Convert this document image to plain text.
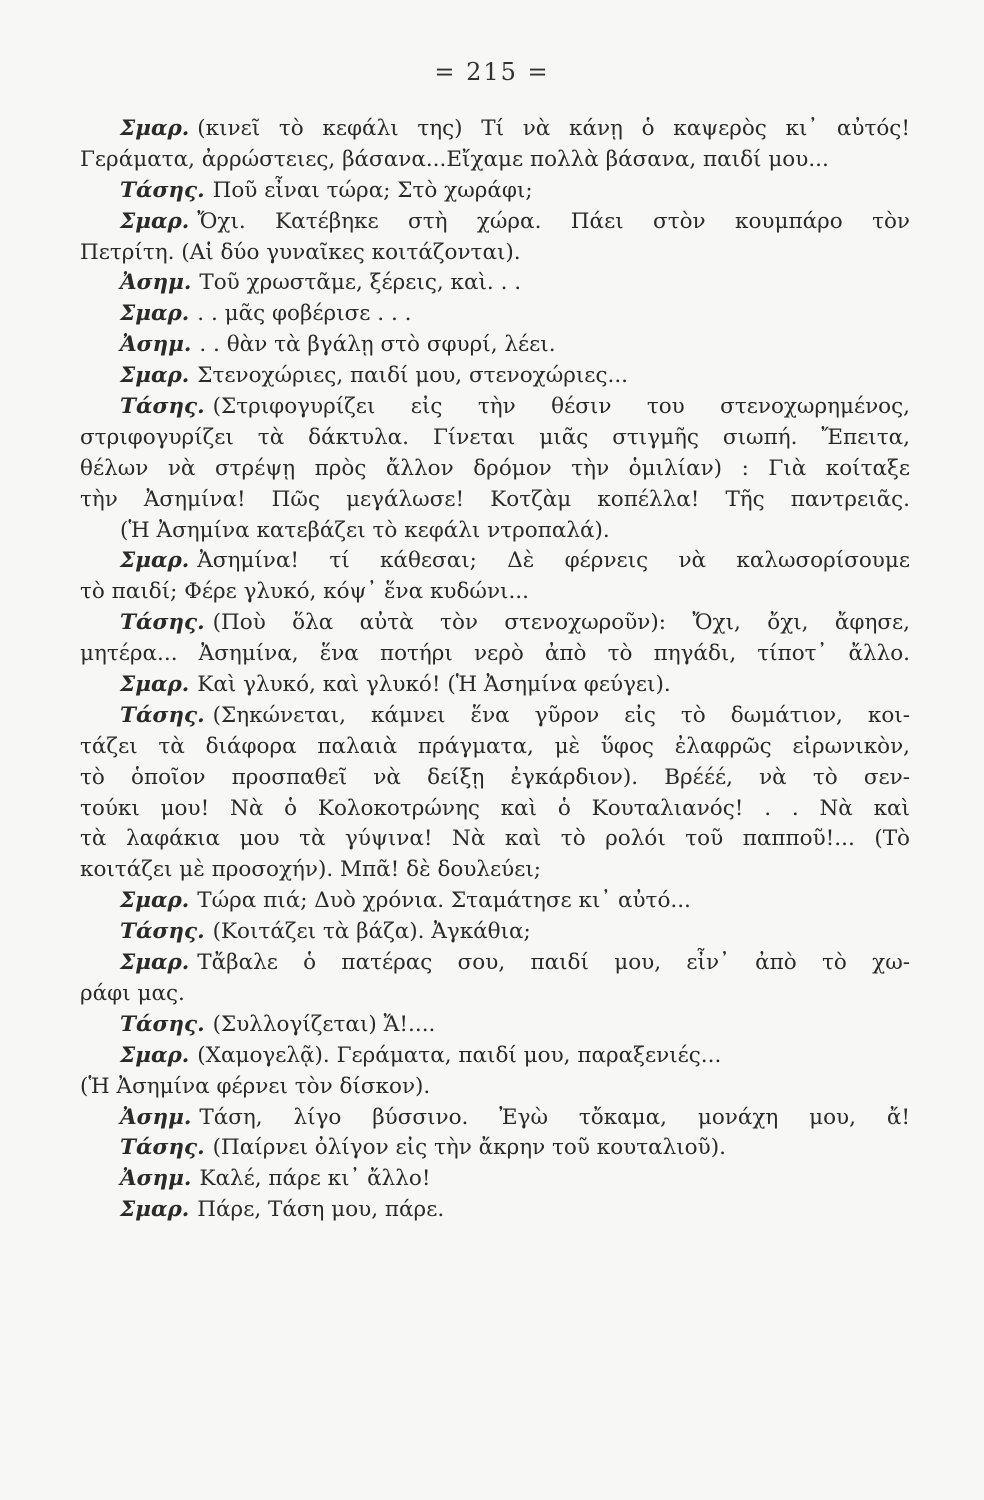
= 215 =
Σμαρ. (κινεῖ τὸ κεφάλι της) Τί νὰ κάνῃ ὁ καψερὸς κι᾿ αὐτός!
Γεράματα, ἀρρώστειες, βάσανα...Εἴχαμε πολλὰ βάσανα, παιδί μου...
Τάσης. Ποῦ εἶναι τώρα; Στὸ χωράφι;
Σμαρ. Ὄχι. Κατέβηκε στὴ χώρα. Πάει στὸν κουμπάρο τὸν
Πετρίτη. (Αἱ δύο γυναῖκες κοιτάζονται).
Ἀσημ. Τοῦ χρωστᾶμε, ξέρεις, καὶ. . .
Σμαρ. . . μᾶς φοβέρισε . . .
Ἀσημ. . . θὰν τὰ βγάλῃ στὸ σφυρί, λέει.
Σμαρ. Στενοχώριες, παιδί μου, στενοχώριες...
Τάσης. (Στριφογυρίζει εἰς τὴν θέσιν του στενοχωρημένος,
στριφογυρίζει τὰ δάκτυλα. Γίνεται μιᾶς στιγμῆς σιωπή. Ἔπειτα,
θέλων νὰ στρέψῃ πρὸς ἄλλον δρόμον τὴν ὁμιλίαν) : Γιὰ κοίταξε
τὴν Ἀσημίνα! Πῶς μεγάλωσε! Κοτζὰμ κοπέλλα! Τῆς παντρειᾶς.
(Ἡ Ἀσημίνα κατεβάζει τὸ κεφάλι ντροπαλά).
Σμαρ. Ἀσημίνα! τί κάθεσαι; Δὲ φέρνεις νὰ καλωσορίσουμε
τὸ παιδί; Φέρε γλυκό, κόψ᾿ ἕνα κυδώνι...
Τάσης. (Ποὺ ὅλα αὐτὰ τὸν στενοχωροῦν): Ὄχι, ὄχι, ἄφησε,
μητέρα... Ἀσημίνα, ἕνα ποτήρι νερὸ ἀπὸ τὸ πηγάδι, τίποτ᾿ ἄλλο.
Σμαρ. Καὶ γλυκό, καὶ γλυκό! (Ἡ Ἀσημίνα φεύγει).
Τάσης. (Σηκώνεται, κάμνει ἕνα γῦρον εἰς τὸ δωμάτιον, κοι-
τάζει τὰ διάφορα παλαιὰ πράγματα, μὲ ὕφος ἐλαφρῶς εἰρωνικὸν,
τὸ ὁποῖον προσπαθεῖ νὰ δείξῃ ἐγκάρδιον). Βρέέέ, νὰ τὸ σεν-
τούκι μου! Νὰ ὁ Κολοκοτρώνης καὶ ὁ Κουταλιανός! . . Νὰ καὶ
τὰ λαφάκια μου τὰ γύψινα! Νὰ καὶ τὸ ρολόι τοῦ παπποῦ!... (Τὸ
κοιτάζει μὲ προσοχήν). Μπᾶ! δὲ δουλεύει;
Σμαρ. Τώρα πιά; Δυὸ χρόνια. Σταμάτησε κι᾿ αὐτό...
Τάσης. (Κοιτάζει τὰ βάζα). Ἀγκάθια;
Σμαρ. Τἄβαλε ὁ πατέρας σου, παιδί μου, εἶν᾿ ἀπὸ τὸ χω-
ράφι μας.
Τάσης. (Συλλογίζεται) Ἄ!....
Σμαρ. (Χαμογελᾷ). Γεράματα, παιδί μου, παραξενιές...
(Ἡ Ἀσημίνα φέρνει τὸν δίσκον).
Ἀσημ. Τάση, λίγο βύσσινο. Ἐγὼ τὄκαμα, μονάχη μου, ἄ!
Τάσης. (Παίρνει ὀλίγον εἰς τὴν ἄκρην τοῦ κουταλιοῦ).
Ἀσημ. Καλέ, πάρε κι᾿ ἄλλο!
Σμαρ. Πάρε, Τάση μου, πάρε.
